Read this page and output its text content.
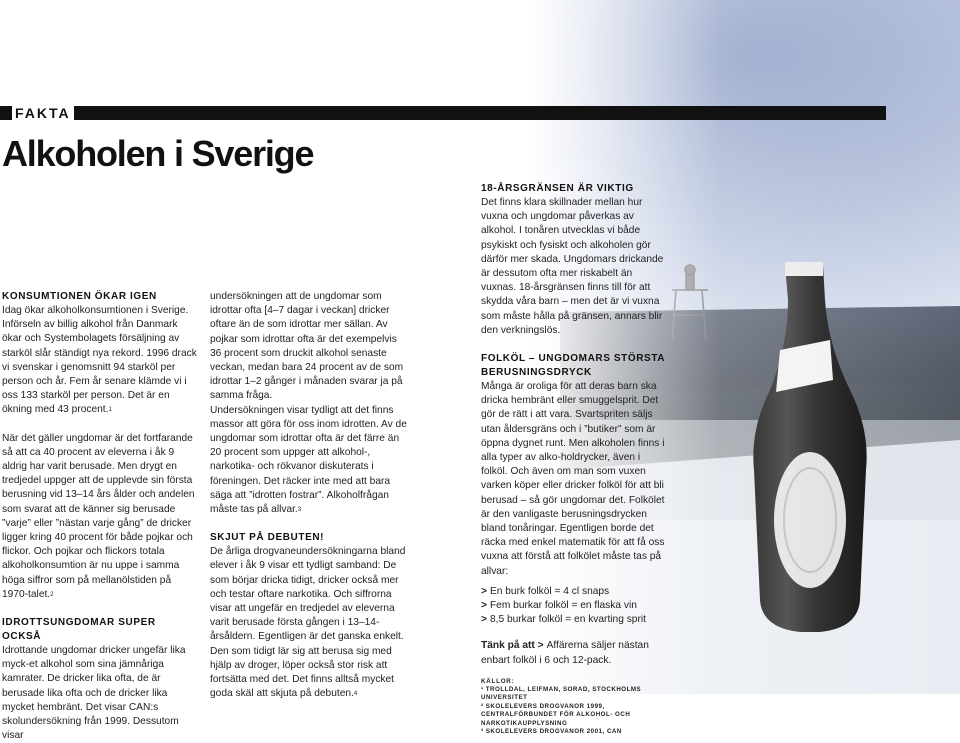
FAKTA
Alkoholen i Sverige
KONSUMTIONEN ÖKAR IGEN

Idag ökar alkoholkonsumtionen i Sverige. Införseln av billig alkohol från Danmark ökar och Systembolagets försäljning av starköl slår ständigt nya rekord. 1996 drack vi svenskar i genomsnitt 94 starköl per person och år. Fem år senare klämde vi i oss 133 starköl per person. Det är en ökning med 43 procent.$^1$

När det gäller ungdomar är det fortfarande så att ca 40 procent av eleverna i åk 9 aldrig har varit berusade. Men drygt en tredjedel uppger att de upplevde sin första berusning vid 13–14 års ålder och andelen som svarat att de känner sig berusade ”varje” eller ”nästan varje gång” de dricker ligger kring 40 procent för både pojkar och flickor. Och pojkar och flickors totala alkoholkonsumtion är nu uppe i samma höga siffror som på mellanölstiden på 1970-talet.$^2$

IDROTTSUNGDOMAR SUPER OCKSÅ

Idrottande ungdomar dricker ungefär lika myck-et alkohol som sina jämnåriga kamrater. De dricker lika ofta, de är berusade lika ofta och de dricker lika mycket hembränt. Det visar CAN:s skolundersökning från 1999. Dessutom visar

undersökningen att de ungdomar som idrottar ofta [4–7 dagar i veckan] dricker oftare än de som idrottar mer sällan. Av pojkar som idrottar ofta är det exempelvis 36 procent som druckit alkohol senaste veckan, medan bara 24 procent av de som idrottar 1–2 gånger i månaden svarar ja på samma fråga.

Undersökningen visar tydligt att det finns massor att göra för oss inom idrotten. Av de ungdomar som idrottar ofta är det färre än 20 procent som uppger att alkohol-, narkotika- och rökvanor diskuterats i föreningen. Det räcker inte med att bara säga att ”idrotten fostrar”. Alkoholfrågan måste tas på allvar.$^3$

SKJUT PÅ DEBUTEN!

De årliga drogvaneundersökningarna bland elever i åk 9 visar ett tydligt samband: De som börjar dricka tidigt, dricker också mer och testar oftare narkotika. Och siffrorna visar att ungefär en tredjedel av eleverna varit berusade första gången i 13–14-årsåldern. Egentligen är det ganska enkelt. Den som tidigt lär sig att berusa sig med hjälp av droger, löper också stor risk att fortsätta med det. Det finns alltså mycket goda skäl att skjuta på debuten.$^4$

18-ÅRSGRÄNSEN ÄR VIKTIG

Det finns klara skillnader mellan hur vuxna och ungdomar påverkas av alkohol. I tonåren utvecklas vi både psykiskt och fysiskt och alkoholen gör därför mer skada. Ungdomars drickande är dessutom ofta mer riskabelt än vuxnas. 18-årsgränsen finns till för att skydda våra barn – men det är vi vuxna som måste hålla på gränsen, annars blir den verkningslös.

FOLKÖL – UNGDOMARS STÖRSTA BERUSNINGSDRYCK

Många är oroliga för att deras barn ska dricka hembränt eller smuggelsprit. Det gör de rätt i att vara. Svartspriten säljs utan åldersgräns och i ”butiker” som är öppna dygnet runt. Men alkoholen finns i alla typer av alko-holdrycker, även i folköl. Och även om man som vuxen varken köper eller dricker folköl för att bli berusad – så gör ungdomar det. Folkölet är den vanligaste berusningsdrycken bland tonåringar. Egentligen borde det räcka med enkel matematik för att få oss vuxna att förstå att folkölet måste tas på allvar:

> En burk folköl = 4 cl snaps
> Fem burkar folköl = en flaska vin
> 8,5 burkar folköl = en kvarting sprit

Tänk på att > Affärerna säljer nästan enbart folköl i 6 och 12-pack.

KÄLLOR:
¹ TROLLDAL, LEIFMAN, SORAD, STOCKHOLMS UNIVERSITET
² SKOLELEVERS DROGVANOR 1999, CENTRALFÖRBUNDET FÖR ALKOHOL- OCH NARKOTIKAUPPLYSNING
³ SKOLELEVERS DROGVANOR 2001, CAN
